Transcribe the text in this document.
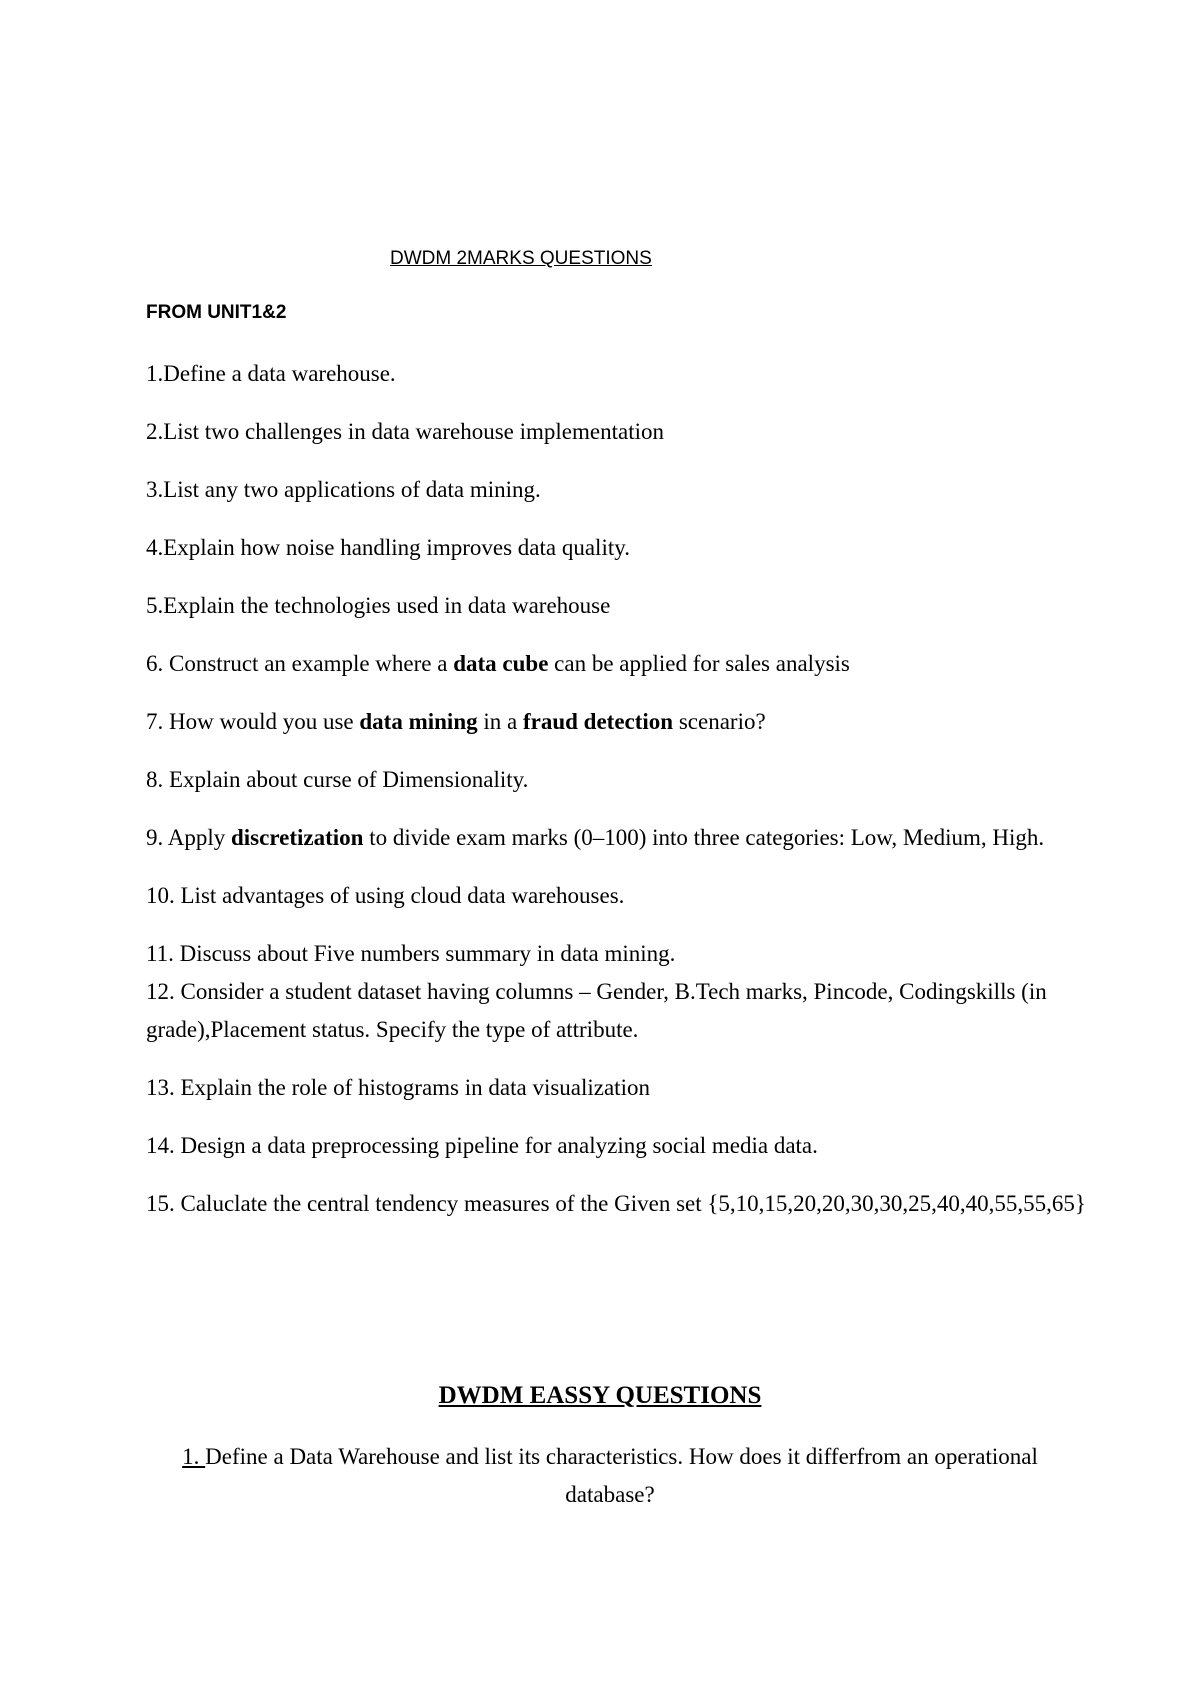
DWDM 2MARKS QUESTIONS
FROM UNIT1&2

1.Define a data warehouse.

2.List two challenges in data warehouse implementation

3.List any two applications of data mining.

4.Explain how noise handling improves data quality.

5.Explain the technologies used in data warehouse

6. Construct an example where a data cube can be applied for sales analysis

7. How would you use data mining in a fraud detection scenario?

8. Explain about curse of Dimensionality.

9. Apply discretization to divide exam marks (0–100) into three categories: Low, Medium, High.

10. List advantages of using cloud data warehouses.

11. Discuss about Five numbers summary in data mining.

12. Consider a student dataset having columns – Gender, B.Tech marks, Pincode, Codingskills (in grade),Placement status. Specify the type of attribute.

13. Explain the role of histograms in data visualization

14. Design a data preprocessing pipeline for analyzing social media data.

15. Caluclate the central tendency measures of the Given set {5,10,15,20,20,30,30,25,40,40,55,55,65}

DWDM EASSY QUESTIONS
1. Define a Data Warehouse and list its characteristics. How does it differfrom an operational database?
